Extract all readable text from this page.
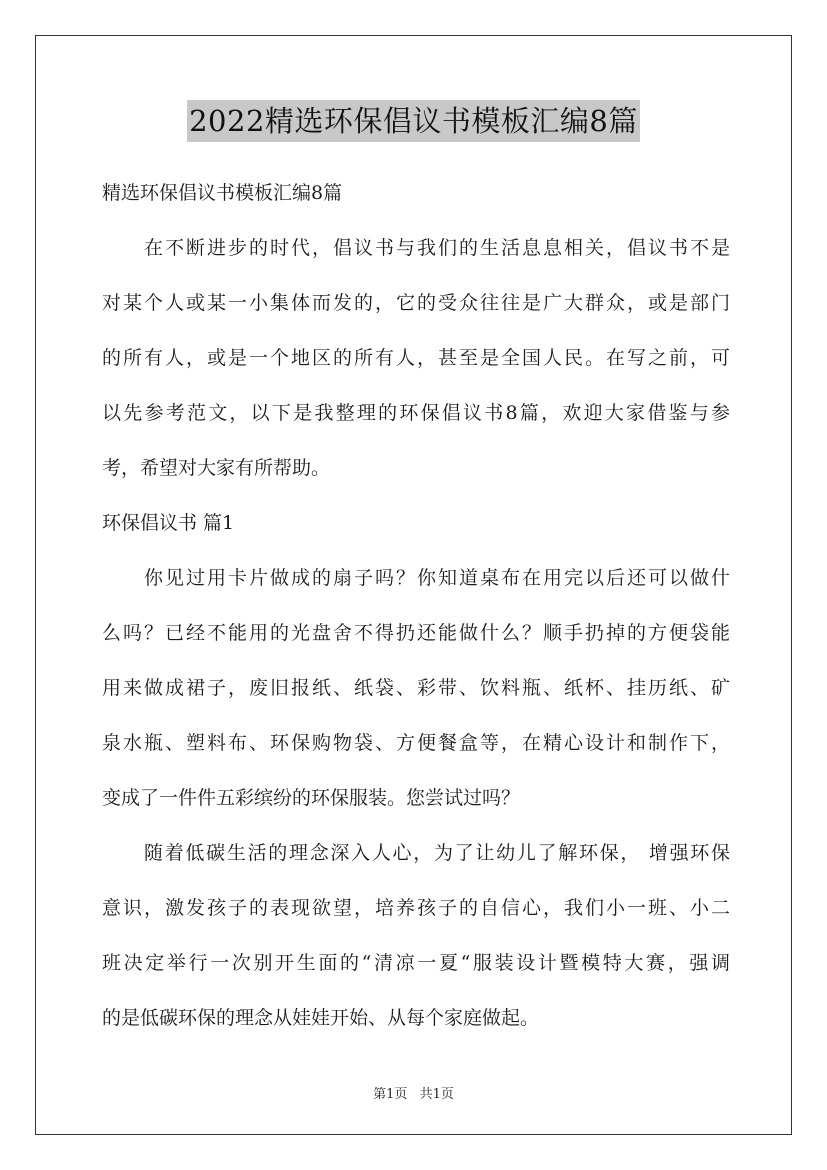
2022精选环保倡议书模板汇编8篇
精选环保倡议书模板汇编8篇
在不断进步的时代，倡议书与我们的生活息息相关，倡议书不是
对某个人或某一小集体而发的，它的受众往往是广大群众，或是部门
的所有人，或是一个地区的所有人，甚至是全国人民。在写之前，可
以先参考范文，以下是我整理的环保倡议书8篇，欢迎大家借鉴与参
考，希望对大家有所帮助。
环保倡议书 篇1
你见过用卡片做成的扇子吗？你知道桌布在用完以后还可以做什
么吗？已经不能用的光盘舍不得扔还能做什么？顺手扔掉的方便袋能
用来做成裙子，废旧报纸、纸袋、彩带、饮料瓶、纸杯、挂历纸、矿
泉水瓶、塑料布、环保购物袋、方便餐盒等，在精心设计和制作下，
变成了一件件五彩缤纷的环保服装。您尝试过吗？
随着低碳生活的理念深入人心，为了让幼儿了解环保， 增强环保
意识，激发孩子的表现欲望，培养孩子的自信心，我们小一班、小二
班决定举行一次别开生面的“清凉一夏“服装设计暨模特大赛，强调
的是低碳环保的理念从娃娃开始、从每个家庭做起。
第1页 共1页
